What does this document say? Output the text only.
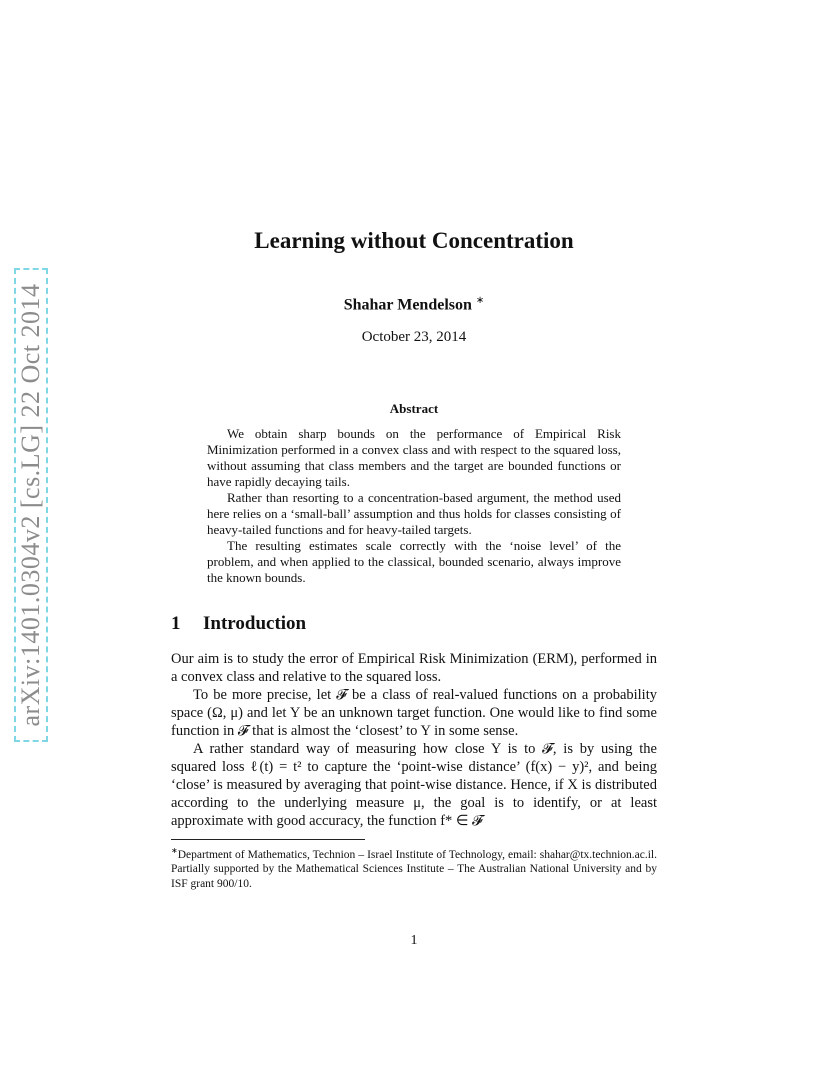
arXiv:1401.0304v2 [cs.LG] 22 Oct 2014
Learning without Concentration
Shahar Mendelson ∗
October 23, 2014
Abstract

We obtain sharp bounds on the performance of Empirical Risk Minimization performed in a convex class and with respect to the squared loss, without assuming that class members and the target are bounded functions or have rapidly decaying tails.

Rather than resorting to a concentration-based argument, the method used here relies on a ‘small-ball’ assumption and thus holds for classes consisting of heavy-tailed functions and for heavy-tailed targets.

The resulting estimates scale correctly with the ‘noise level’ of the problem, and when applied to the classical, bounded scenario, always improve the known bounds.

1 Introduction

Our aim is to study the error of Empirical Risk Minimization (ERM), performed in a convex class and relative to the squared loss.

To be more precise, let 𝓕 be a class of real-valued functions on a probability space (Ω, μ) and let Y be an unknown target function. One would like to find some function in 𝓕 that is almost the ‘closest’ to Y in some sense.

A rather standard way of measuring how close Y is to 𝓕, is by using the squared loss ℓ(t) = t² to capture the ‘point-wise distance’ (f(x) − y)², and being ‘close’ is measured by averaging that point-wise distance. Hence, if X is distributed according to the underlying measure μ, the goal is to identify, or at least approximate with good accuracy, the function f* ∈ 𝓕

∗Department of Mathematics, Technion – Israel Institute of Technology, email: shahar@tx.technion.ac.il. Partially supported by the Mathematical Sciences Institute – The Australian National University and by ISF grant 900/10.
1
